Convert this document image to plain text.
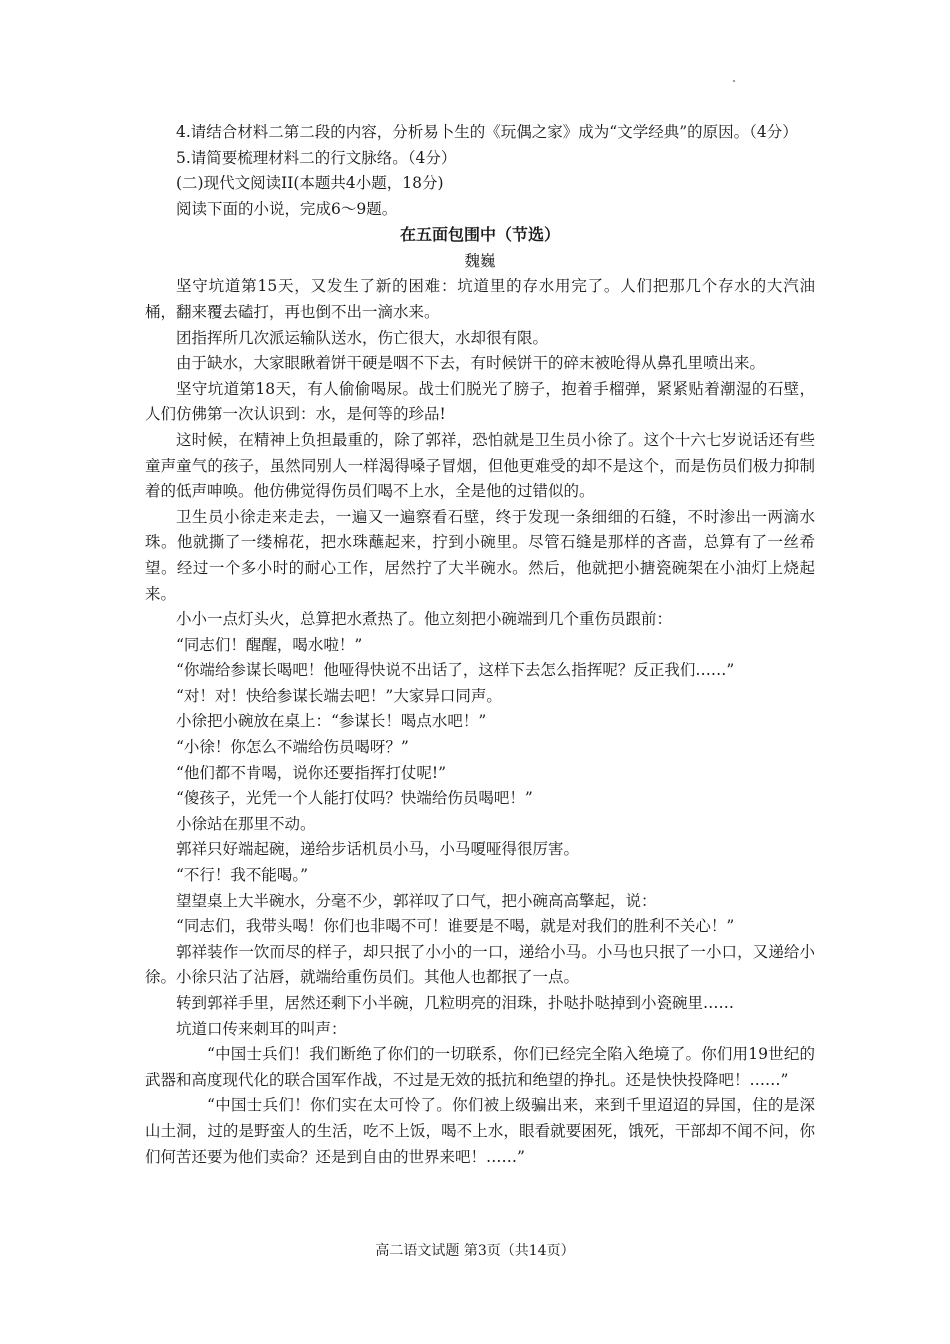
4.请结合材料二第二段的内容，分析易卜生的《玩偶之家》成为“文学经典”的原因。（4分）

5.请简要梳理材料二的行文脉络。（4分）

(二)现代文阅读II(本题共4小题，18分)

阅读下面的小说，完成6～9题。

在五面包围中（节选）
魏巍

坚守坑道第15天，又发生了新的困难：坑道里的存水用完了。人们把那几个存水的大汽油桶，翻来覆去磕打，再也倒不出一滴水来。

团指挥所几次派运输队送水，伤亡很大，水却很有限。

由于缺水，大家眼瞅着饼干硬是咽不下去，有时候饼干的碎末被呛得从鼻孔里喷出来。

坚守坑道第18天，有人偷偷喝尿。战士们脱光了膀子，抱着手榴弹，紧紧贴着潮湿的石壁，人们仿佛第一次认识到：水，是何等的珍品!

这时候，在精神上负担最重的，除了郭祥，恐怕就是卫生员小徐了。这个十六七岁说话还有些童声童气的孩子，虽然同别人一样渴得嗓子冒烟，但他更难受的却不是这个，而是伤员们极力抑制着的低声呻唤。他仿佛觉得伤员们喝不上水，全是他的过错似的。

卫生员小徐走来走去，一遍又一遍察看石壁，终于发现一条细细的石缝，不时渗出一两滴水珠。他就撕了一缕棉花，把水珠蘸起来，拧到小碗里。尽管石缝是那样的吝啬，总算有了一丝希望。经过一个多小时的耐心工作，居然拧了大半碗水。然后，他就把小搪瓷碗架在小油灯上烧起来。

小小一点灯头火，总算把水煮热了。他立刻把小碗端到几个重伤员跟前：

“同志们！醒醒，喝水啦！”

“你端给参谋长喝吧！他哑得快说不出话了，这样下去怎么指挥呢？反正我们……”

“对！对！快给参谋长端去吧！”大家异口同声。

小徐把小碗放在桌上：“参谋长！喝点水吧！”

“小徐！你怎么不端给伤员喝呀？”

“他们都不肯喝，说你还要指挥打仗呢!”

“傻孩子，光凭一个人能打仗吗？快端给伤员喝吧！”

小徐站在那里不动。

郭祥只好端起碗，递给步话机员小马，小马嗄哑得很厉害。

“不行！我不能喝。”

望望桌上大半碗水，分毫不少，郭祥叹了口气，把小碗高高擎起，说：

“同志们，我带头喝！你们也非喝不可！谁要是不喝，就是对我们的胜利不关心！”

郭祥装作一饮而尽的样子，却只抿了小小的一口，递给小马。小马也只抿了一小口，又递给小徐。小徐只沾了沾唇，就端给重伤员们。其他人也都抿了一点。

转到郭祥手里，居然还剩下小半碗，几粒明亮的泪珠，扑哒扑哒掉到小瓷碗里……

坑道口传来刺耳的叫声：

“中国士兵们！我们断绝了你们的一切联系，你们已经完全陷入绝境了。你们用19世纪的武器和高度现代化的联合国军作战，不过是无效的抵抗和绝望的挣扎。还是快快投降吧！……”

“中国士兵们！你们实在太可怜了。你们被上级骗出来，来到千里迢迢的异国，住的是深山土洞，过的是野蛮人的生活，吃不上饭，喝不上水，眼看就要困死，饿死，干部却不闻不问，你们何苦还要为他们卖命？还是到自由的世界来吧！……”

高二语文试题 第3页（共14页）
